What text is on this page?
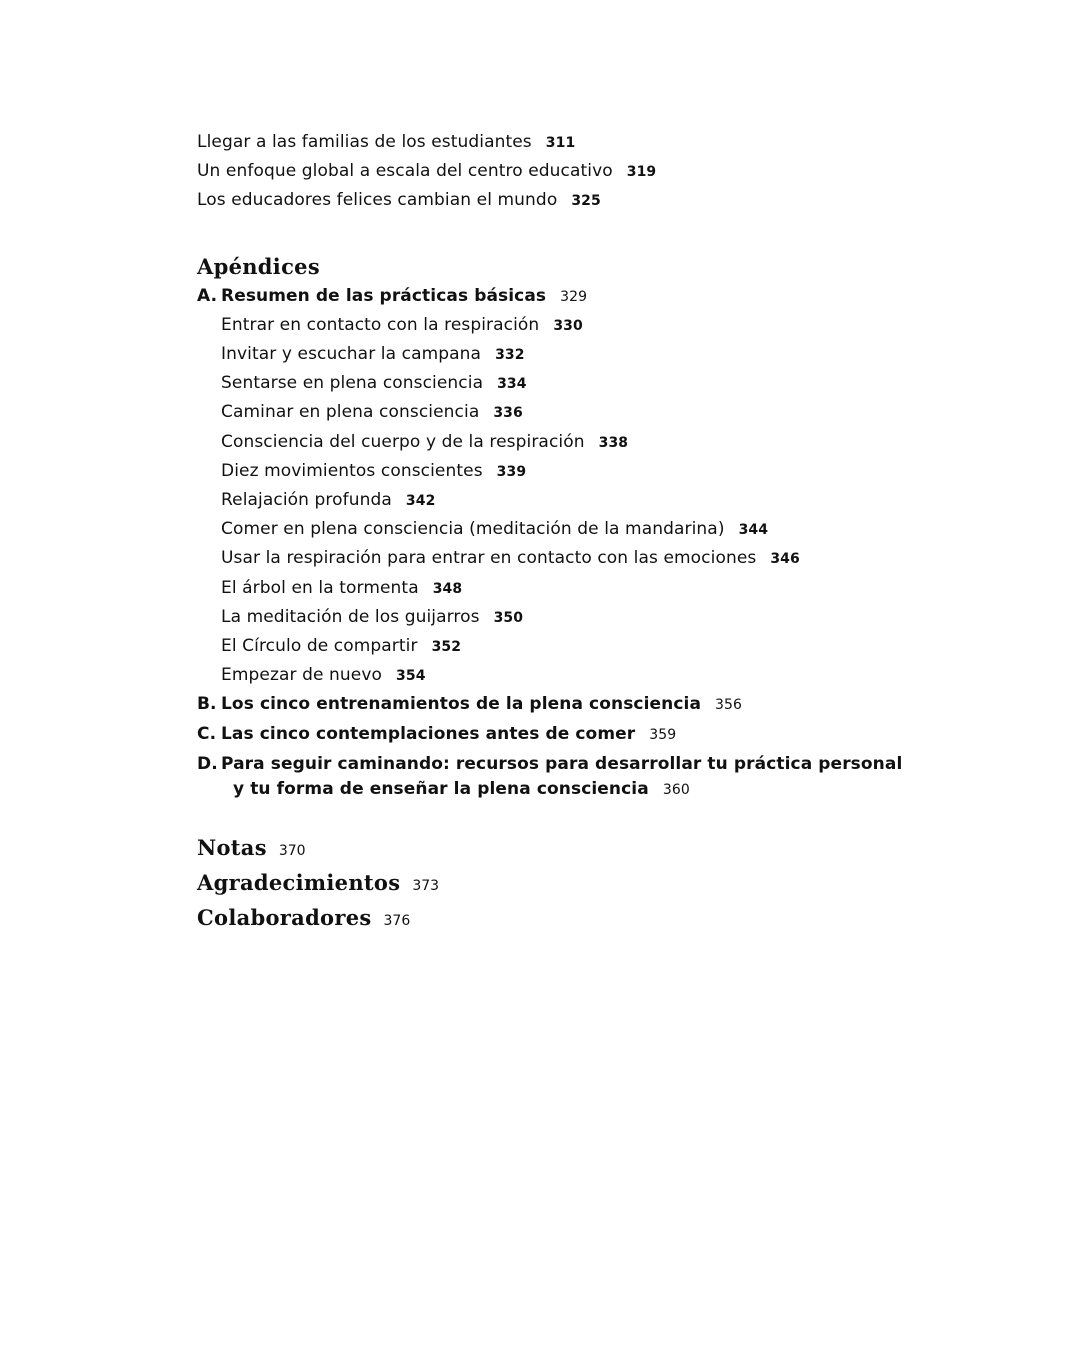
Llegar a las familias de los estudiantes 311
Un enfoque global a escala del centro educativo 319
Los educadores felices cambian el mundo 325
Apéndices
A. Resumen de las prácticas básicas 329
Entrar en contacto con la respiración 330
Invitar y escuchar la campana 332
Sentarse en plena consciencia 334
Caminar en plena consciencia 336
Consciencia del cuerpo y de la respiración 338
Diez movimientos conscientes 339
Relajación profunda 342
Comer en plena consciencia (meditación de la mandarina) 344
Usar la respiración para entrar en contacto con las emociones 346
El árbol en la tormenta 348
La meditación de los guijarros 350
El Círculo de compartir 352
Empezar de nuevo 354
B. Los cinco entrenamientos de la plena consciencia 356
C. Las cinco contemplaciones antes de comer 359
D. Para seguir caminando: recursos para desarrollar tu práctica personal
y tu forma de enseñar la plena consciencia 360
Notas 370
Agradecimientos 373
Colaboradores 376
